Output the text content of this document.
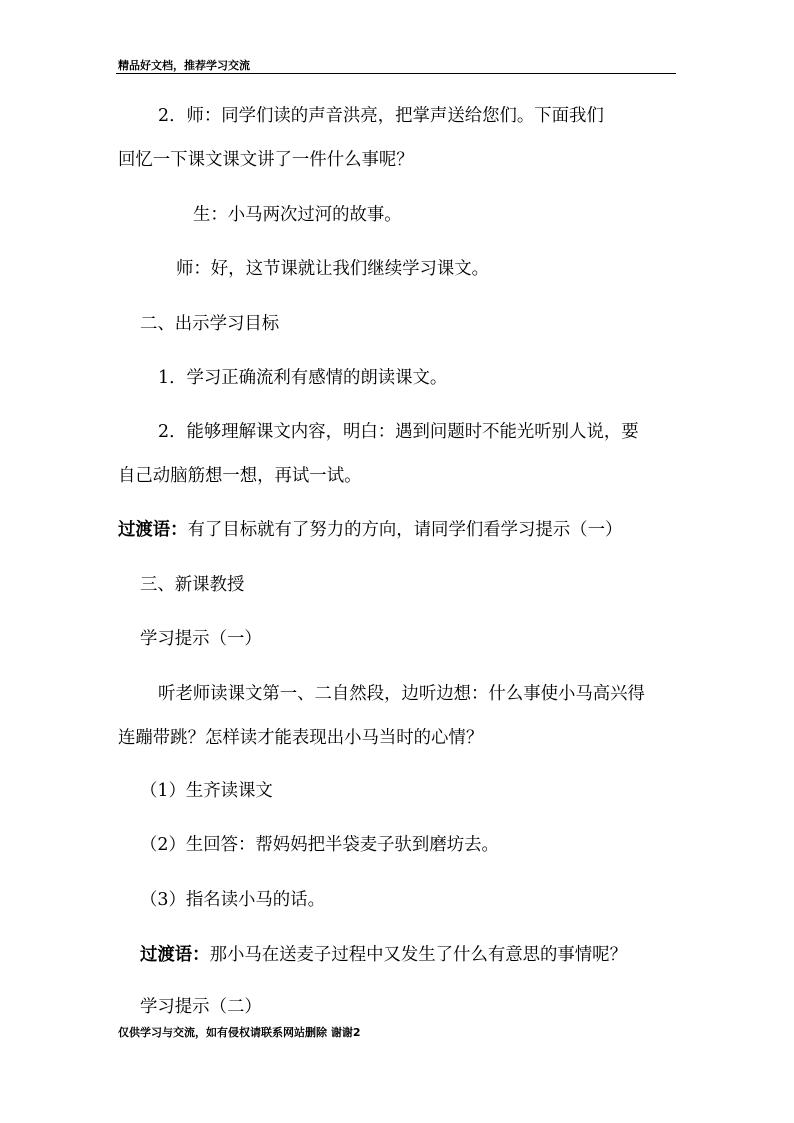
精品好文档，推荐学习交流
2．师：同学们读的声音洪亮，把掌声送给您们。下面我们
回忆一下课文课文讲了一件什么事呢？
生：小马两次过河的故事。
师：好，这节课就让我们继续学习课文。
二、出示学习目标
1．学习正确流利有感情的朗读课文。
2．能够理解课文内容，明白：遇到问题时不能光听别人说，要
自己动脑筋想一想，再试一试。
过渡语：有了目标就有了努力的方向，请同学们看学习提示（一）
三、新课教授
学习提示（一）
听老师读课文第一、二自然段，边听边想：什么事使小马高兴得
连蹦带跳？怎样读才能表现出小马当时的心情？
（1）生齐读课文
（2）生回答：帮妈妈把半袋麦子驮到磨坊去。
（3）指名读小马的话。
过渡语：那小马在送麦子过程中又发生了什么有意思的事情呢？
学习提示（二）
仅供学习与交流，如有侵权请联系网站删除 谢谢2
